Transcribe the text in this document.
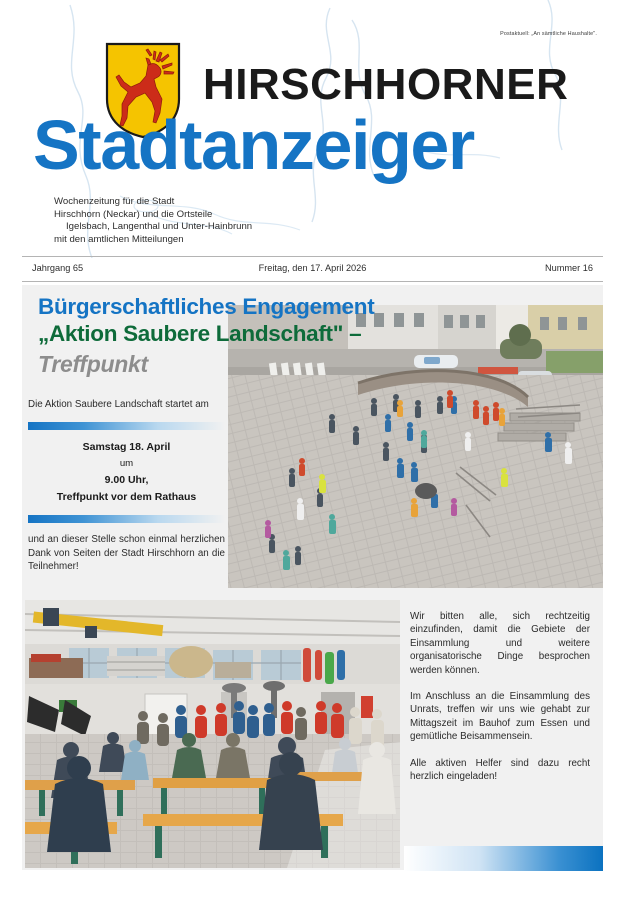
Postaktuell: „An sämtliche Haushalte".
HIRSCHHORNER
Stadtanzeiger
Wochenzeitung für die Stadt
Hirschhorn (Neckar) und die Ortsteile
Igelsbach, Langenthal und Unter-Hainbrunn
mit den amtlichen Mitteilungen
Jahrgang 65	Freitag, den 17. April 2026	Nummer 16
Bürgerschaftliches Engagement
„Aktion Saubere Landschaft" –
Treffpunkt
Die Aktion Saubere Landschaft startet am
Samstag 18. April
um
9.00 Uhr,
Treffpunkt vor dem Rathaus
und an dieser Stelle schon einmal herzlichen Dank von Seiten der Stadt Hirschhorn an die Teilnehmer!
Wir bitten alle, sich rechtzeitig einzufinden, damit die Gebiete der Einsammlung und weitere organisatorische Dinge besprochen werden können.
Im Anschluss an die Einsammlung des Unrats, treffen wir uns wie gehabt zur Mittagszeit im Bauhof zum Essen und gemütliche Beisammensein.
Alle aktiven Helfer sind dazu recht herzlich eingeladen!
